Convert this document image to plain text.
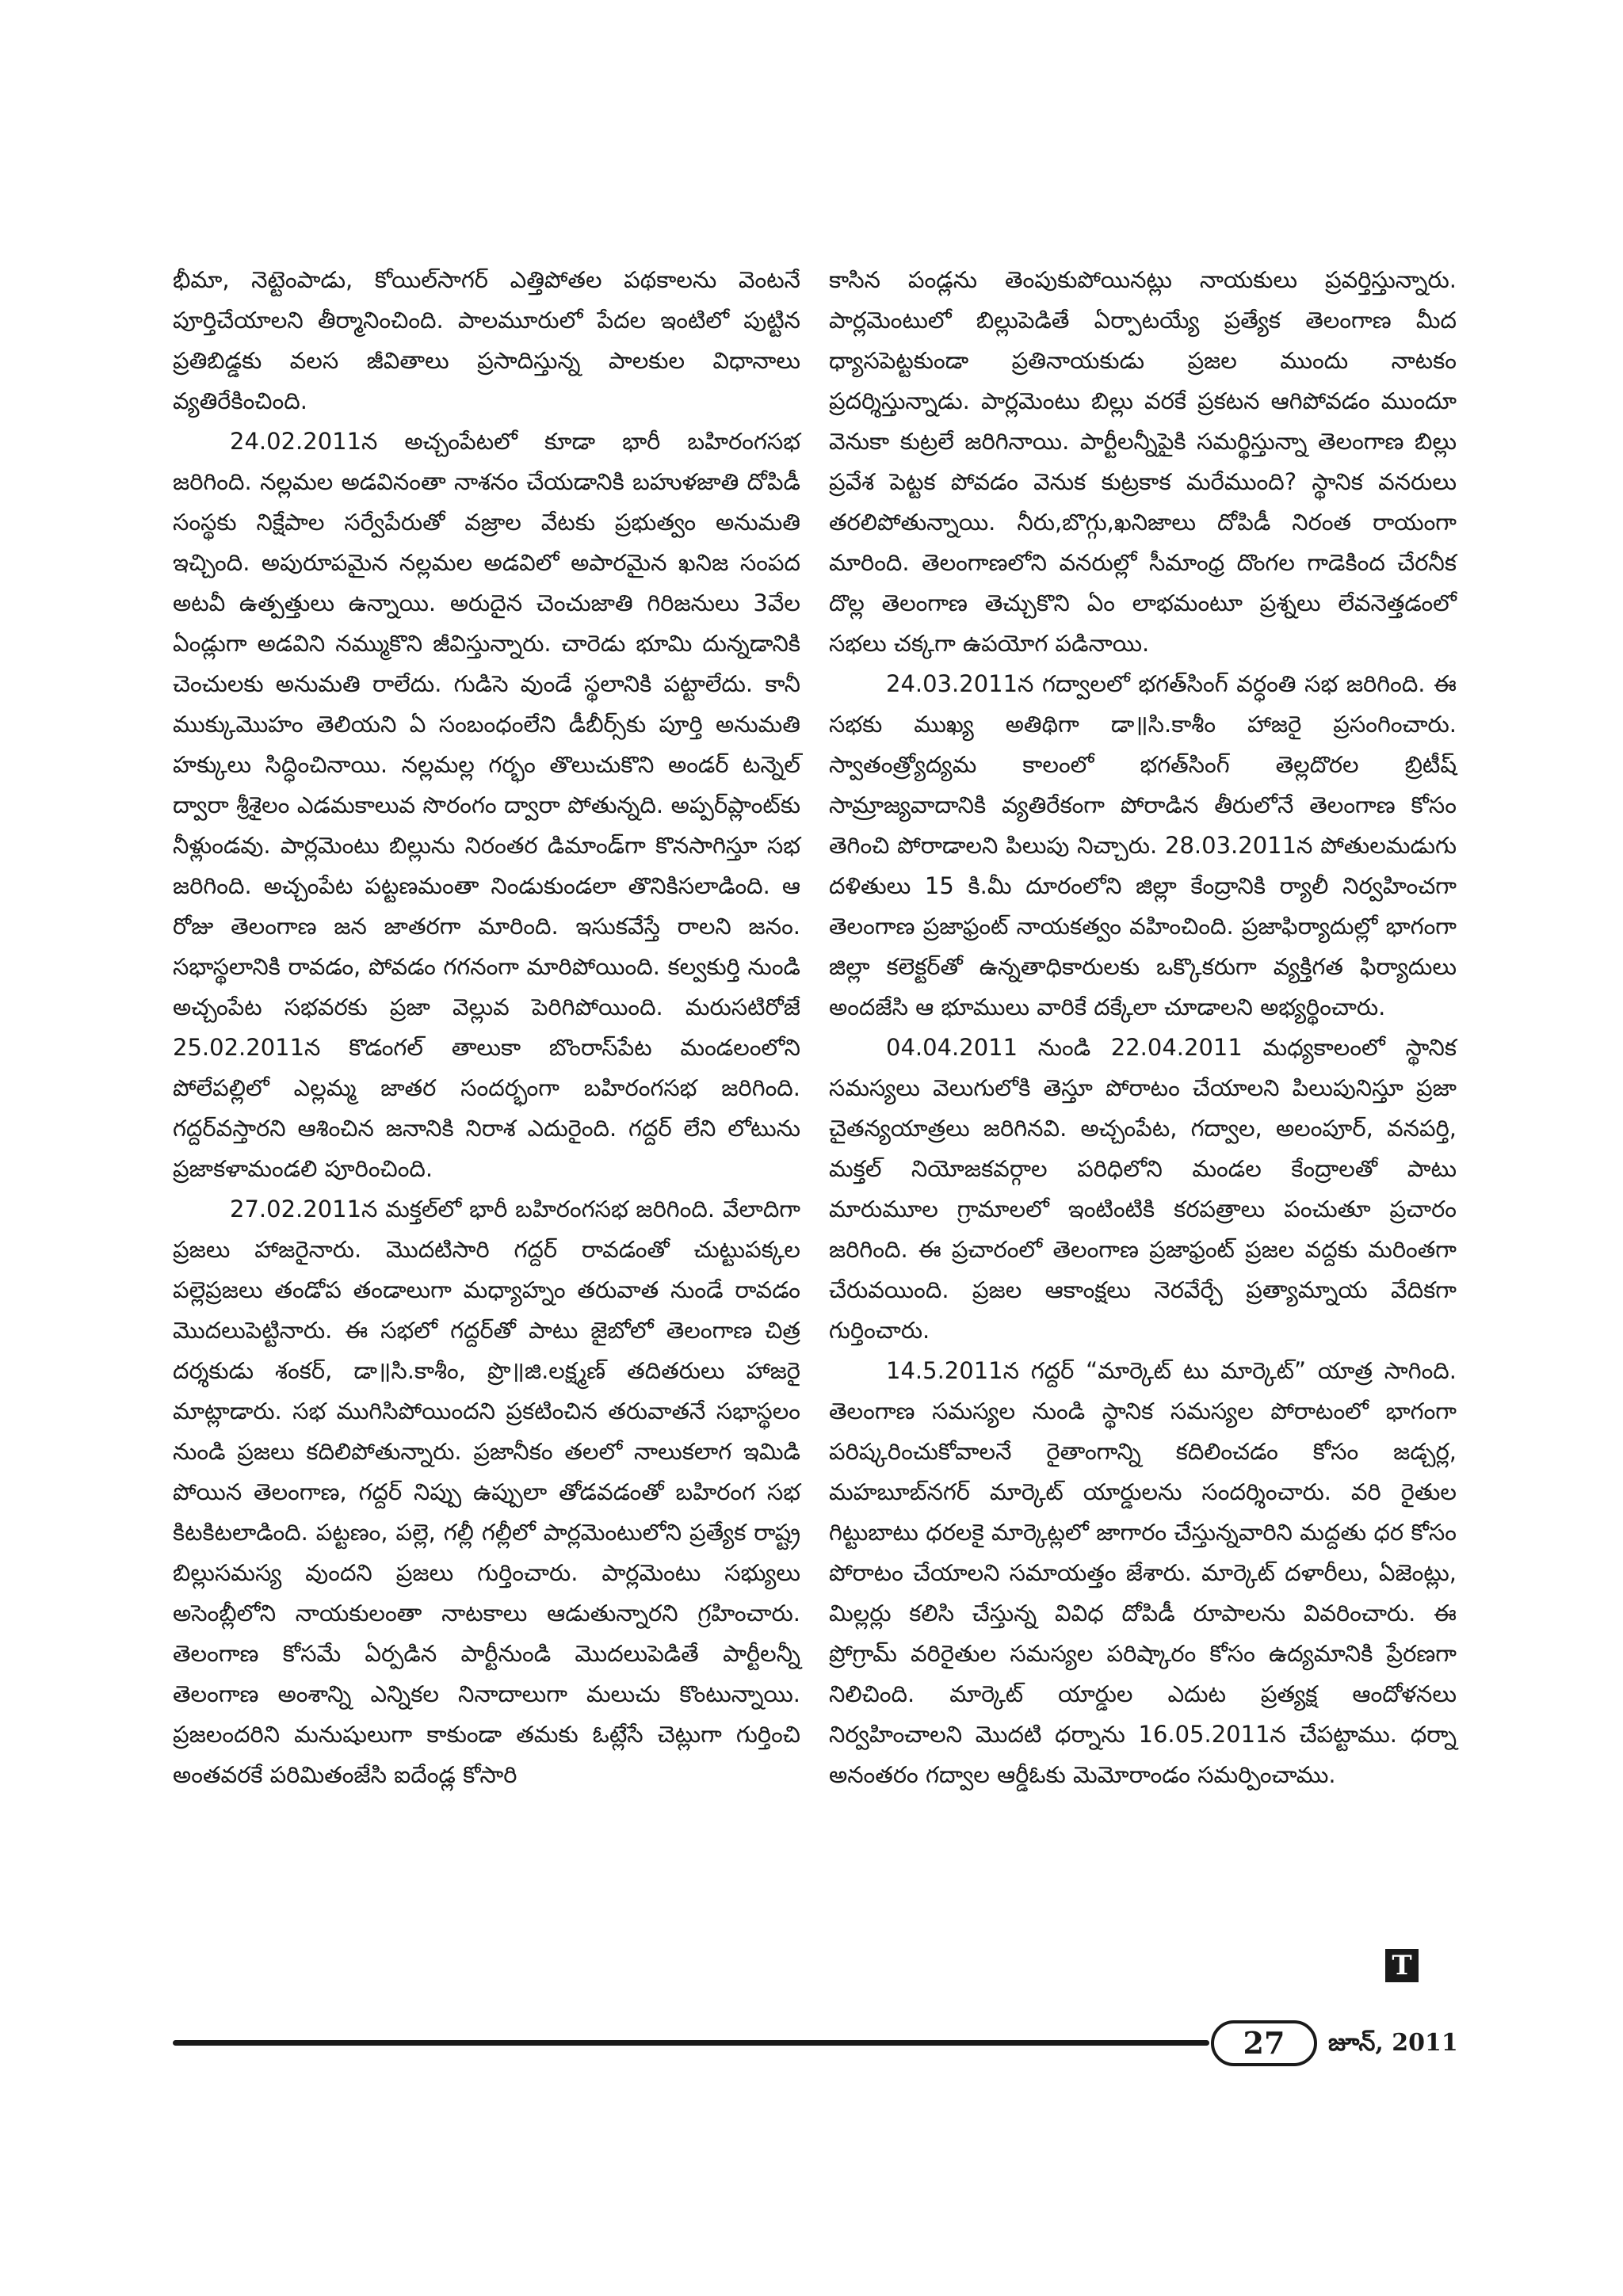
భీమా, నెట్టెంపాడు, కోయిల్‌సాగర్ ఎత్తిపోతల పథకాలను వెంటనే పూర్తిచేయాలని తీర్మానించింది. పాలమూరులో పేదల ఇంటిలో పుట్టిన ప్రతిబిడ్డకు వలస జీవితాలు ప్రసాదిస్తున్న పాలకుల విధానాలు వ్యతిరేకించింది.

24.02.2011న అచ్చంపేటలో కూడా భారీ బహిరంగసభ జరిగింది. నల్లమల అడవినంతా నాశనం చేయడానికి బహుళజాతి దోపిడీ సంస్థకు నిక్షేపాల సర్వేపేరుతో వజ్రాల వేటకు ప్రభుత్వం అనుమతి ఇచ్చింది. అపురూపమైన నల్లమల అడవిలో అపారమైన ఖనిజ సంపద అటవీ ఉత్పత్తులు ఉన్నాయి. అరుదైన చెంచుజాతి గిరిజనులు 3వేల ఏండ్లుగా అడవిని నమ్ముకొని జీవిస్తున్నారు. చారెడు భూమి దున్నడానికి చెంచులకు అనుమతి రాలేదు. గుడిసె వుండే స్థలానికి పట్టాలేదు. కానీ ముక్కుమొహం తెలియని ఏ సంబంధంలేని డీబీర్స్‌కు పూర్తి అనుమతి హక్కులు సిద్ధించినాయి. నల్లమల్ల గర్భం తొలుచుకొని అండర్ టన్నెల్ ద్వారా శ్రీశైలం ఎడమకాలువ సొరంగం ద్వారా పోతున్నది. అప్పర్‌ప్లాంట్‌కు నీళ్లుండవు. పార్లమెంటు బిల్లును నిరంతర డిమాండ్‌గా కొనసాగిస్తూ సభ జరిగింది. అచ్చంపేట పట్టణమంతా నిండుకుండలా తొనికిసలాడింది. ఆ రోజు తెలంగాణ జన జాతరగా మారింది. ఇసుకవేస్తే రాలని జనం. సభాస్థలానికి రావడం, పోవడం గగనంగా మారిపోయింది. కల్వకుర్తి నుండి అచ్చంపేట సభవరకు ప్రజా వెల్లువ పెరిగిపోయింది. మరుసటిరోజే 25.02.2011న కొడంగల్ తాలుకా బొంరాస్‌పేట మండలంలోని పోలేపల్లిలో ఎల్లమ్మ జాతర సందర్భంగా బహిరంగసభ జరిగింది. గద్దర్‌వస్తారని ఆశించిన జనానికి నిరాశ ఎదురైంది. గద్దర్ లేని లోటును ప్రజాకళామండలి పూరించింది.

27.02.2011న మక్తల్‌లో భారీ బహిరంగసభ జరిగింది. వేలాదిగా ప్రజలు హాజరైనారు. మొదటిసారి గద్దర్ రావడంతో చుట్టుపక్కల పల్లెప్రజలు తండోప తండాలుగా మధ్యాహ్నం తరువాత నుండే రావడం మొదలుపెట్టినారు. ఈ సభలో గద్దర్‌తో పాటు జైబోలో తెలంగాణ చిత్ర దర్శకుడు శంకర్, డా॥సి.కాశీం, ప్రొ॥జి.లక్ష్మణ్ తదితరులు హాజరై మాట్లాడారు. సభ ముగిసిపోయిందని ప్రకటించిన తరువాతనే సభాస్థలం నుండి ప్రజలు కదిలిపోతున్నారు. ప్రజానీకం తలలో నాలుకలాగ ఇమిడి పోయిన తెలంగాణ, గద్దర్ నిప్పు ఉప్పులా తోడవడంతో బహిరంగ సభ కిటకిటలాడింది. పట్టణం, పల్లె, గల్లీ గల్లీలో పార్లమెంటులోని ప్రత్యేక రాష్ట్ర బిల్లుసమస్య వుందని ప్రజలు గుర్తించారు. పార్లమెంటు సభ్యులు అసెంబ్లీలోని నాయకులంతా నాటకాలు ఆడుతున్నారని గ్రహించారు. తెలంగాణ కోసమే ఏర్పడిన పార్టీనుండి మొదలుపెడితే పార్టీలన్నీ తెలంగాణ అంశాన్ని ఎన్నికల నినాదాలుగా మలుచు కొంటున్నాయి. ప్రజలందరిని మనుషులుగా కాకుండా తమకు ఓట్లేసే చెట్లుగా గుర్తించి అంతవరకే పరిమితంజేసి ఐదేండ్ల కోసారి

కాసిన పండ్లను తెంపుకుపోయినట్లు నాయకులు ప్రవర్తిస్తున్నారు. పార్లమెంటులో బిల్లుపెడితే ఏర్పాటయ్యే ప్రత్యేక తెలంగాణ మీద ధ్యాసపెట్టకుండా ప్రతినాయకుడు ప్రజల ముందు నాటకం ప్రదర్శిస్తున్నాడు. పార్లమెంటు బిల్లు వరకే ప్రకటన ఆగిపోవడం ముందూ వెనుకా కుట్రలే జరిగినాయి. పార్టీలన్నీపైకి సమర్థిస్తున్నా తెలంగాణ బిల్లు ప్రవేశ పెట్టక పోవడం వెనుక కుట్రకాక మరేముంది? స్థానిక వనరులు తరలిపోతున్నాయి. నీరు,బొగ్గు,ఖనిజాలు దోపిడీ నిరంత రాయంగా మారింది. తెలంగాణలోని వనరుల్లో సీమాంధ్ర దొంగల గాడెకింద చేరనీక దొల్ల తెలంగాణ తెచ్చుకొని ఏం లాభమంటూ ప్రశ్నలు లేవనెత్తడంలో సభలు చక్కగా ఉపయోగ పడినాయి.

24.03.2011న గద్వాలలో భగత్‌సింగ్ వర్ధంతి సభ జరిగింది. ఈ సభకు ముఖ్య అతిథిగా డా॥సి.కాశీం హాజరై ప్రసంగించారు. స్వాతంత్ర్యోద్యమ కాలంలో భగత్‌సింగ్ తెల్లదొరల బ్రిటీష్ సామ్రాజ్యవాదానికి వ్యతిరేకంగా పోరాడిన తీరులోనే తెలంగాణ కోసం తెగించి పోరాడాలని పిలుపు నిచ్చారు. 28.03.2011న పోతులమడుగు దళితులు 15 కి.మీ దూరంలోని జిల్లా కేంద్రానికి ర్యాలీ నిర్వహించగా తెలంగాణ ప్రజాఫ్రంట్ నాయకత్వం వహించింది. ప్రజాఫిర్యాదుల్లో భాగంగా జిల్లా కలెక్టర్‌తో ఉన్నతాధికారులకు ఒక్కొకరుగా వ్యక్తిగత ఫిర్యాదులు అందజేసి ఆ భూములు వారికే దక్కేలా చూడాలని అభ్యర్థించారు.

04.04.2011 నుండి 22.04.2011 మధ్యకాలంలో స్థానిక సమస్యలు వెలుగులోకి తెస్తూ పోరాటం చేయాలని పిలుపునిస్తూ ప్రజా చైతన్యయాత్రలు జరిగినవి. అచ్చంపేట, గద్వాల, అలంపూర్, వనపర్తి, మక్తల్ నియోజకవర్గాల పరిధిలోని మండల కేంద్రాలతో పాటు మారుమూల గ్రామాలలో ఇంటింటికి కరపత్రాలు పంచుతూ ప్రచారం జరిగింది. ఈ ప్రచారంలో తెలంగాణ ప్రజాఫ్రంట్ ప్రజల వద్దకు మరింతగా చేరువయింది. ప్రజల ఆకాంక్షలు నెరవేర్చే ప్రత్యామ్నాయ వేదికగా గుర్తించారు.

14.5.2011న గద్దర్ “మార్కెట్ టు మార్కెట్” యాత్ర సాగింది. తెలంగాణ సమస్యల నుండి స్థానిక సమస్యల పోరాటంలో భాగంగా పరిష్కరించుకోవాలనే రైతాంగాన్ని కదిలించడం కోసం జడ్చర్ల, మహబూబ్‌నగర్ మార్కెట్ యార్డులను సందర్శించారు. వరి రైతుల గిట్టుబాటు ధరలకై మార్కెట్లలో జాగారం చేస్తున్నవారిని మద్దతు ధర కోసం పోరాటం చేయాలని సమాయత్తం జేశారు. మార్కెట్ దళారీలు, ఏజెంట్లు, మిల్లర్లు కలిసి చేస్తున్న వివిధ దోపిడీ రూపాలను వివరించారు. ఈ ప్రోగ్రామ్ వరిరైతుల సమస్యల పరిష్కారం కోసం ఉద్యమానికి ప్రేరణగా నిలిచింది. మార్కెట్ యార్డుల ఎదుట ప్రత్యక్ష ఆందోళనలు నిర్వహించాలని మొదటి ధర్నాను 16.05.2011న చేపట్టాము. ధర్నా అనంతరం గద్వాల ఆర్డీఓకు మెమోరాండం సమర్పించాము.

T
27	జూన్, 2011
